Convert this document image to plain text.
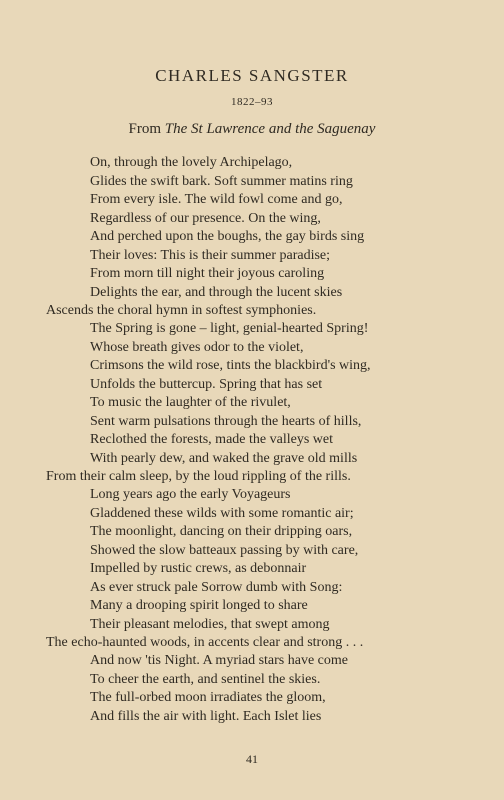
CHARLES SANGSTER
1822–93
From The St Lawrence and the Saguenay
On, through the lovely Archipelago,
Glides the swift bark. Soft summer matins ring
From every isle. The wild fowl come and go,
Regardless of our presence. On the wing,
And perched upon the boughs, the gay birds sing
Their loves: This is their summer paradise;
From morn till night their joyous caroling
Delights the ear, and through the lucent skies
Ascends the choral hymn in softest symphonies.
The Spring is gone – light, genial-hearted Spring!
Whose breath gives odor to the violet,
Crimsons the wild rose, tints the blackbird's wing,
Unfolds the buttercup. Spring that has set
To music the laughter of the rivulet,
Sent warm pulsations through the hearts of hills,
Reclothed the forests, made the valleys wet
With pearly dew, and waked the grave old mills
From their calm sleep, by the loud rippling of the rills.
Long years ago the early Voyageurs
Gladdened these wilds with some romantic air;
The moonlight, dancing on their dripping oars,
Showed the slow batteaux passing by with care,
Impelled by rustic crews, as debonnair
As ever struck pale Sorrow dumb with Song:
Many a drooping spirit longed to share
Their pleasant melodies, that swept among
The echo-haunted woods, in accents clear and strong . . .
And now 'tis Night. A myriad stars have come
To cheer the earth, and sentinel the skies.
The full-orbed moon irradiates the gloom,
And fills the air with light. Each Islet lies
41
